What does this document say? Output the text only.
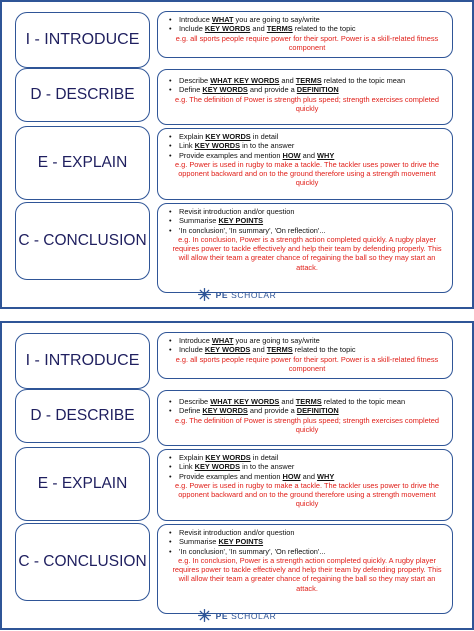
I - INTRODUCE
• Introduce WHAT you are going to say/write
• Include KEY WORDS and TERMS related to the topic
e.g. all sports people require power for their sport. Power is a skill-related fitness component
D - DESCRIBE
• Describe WHAT KEY WORDS and TERMS related to the topic mean
• Define KEY WORDS and provide a DEFINITION
e.g. The definition of Power is strength plus speed; strength exercises completed quickly
E - EXPLAIN
• Explain KEY WORDS in detail
• Link KEY WORDS in to the answer
• Provide examples and mention HOW and WHY
e.g. Power is used in rugby to make a tackle. The tackler uses power to drive the opponent backward and on to the ground therefore using a strength movement quickly
C - CONCLUSION
• Revisit introduction and/or question
• Summarise KEY POINTS
• 'In conclusion', 'In summary', 'On reflection'...
e.g. In conclusion, Power is a strength action completed quickly. A rugby player requires power to tackle effectively and help their team by defending properly. This will allow their team a greater chance of regaining the ball so they may start an attack.
PE SCHOLAR
I - INTRODUCE
• Introduce WHAT you are going to say/write
• Include KEY WORDS and TERMS related to the topic
e.g. all sports people require power for their sport. Power is a skill-related fitness component
D - DESCRIBE
• Describe WHAT KEY WORDS and TERMS related to the topic mean
• Define KEY WORDS and provide a DEFINITION
e.g. The definition of Power is strength plus speed; strength exercises completed quickly
E - EXPLAIN
• Explain KEY WORDS in detail
• Link KEY WORDS in to the answer
• Provide examples and mention HOW and WHY
e.g. Power is used in rugby to make a tackle. The tackler uses power to drive the opponent backward and on to the ground therefore using a strength movement quickly
C - CONCLUSION
• Revisit introduction and/or question
• Summarise KEY POINTS
• 'In conclusion', 'In summary', 'On reflection'...
e.g. In conclusion, Power is a strength action completed quickly. A rugby player requires power to tackle effectively and help their team by defending properly. This will allow their team a greater chance of regaining the ball so they may start an attack.
PE SCHOLAR
